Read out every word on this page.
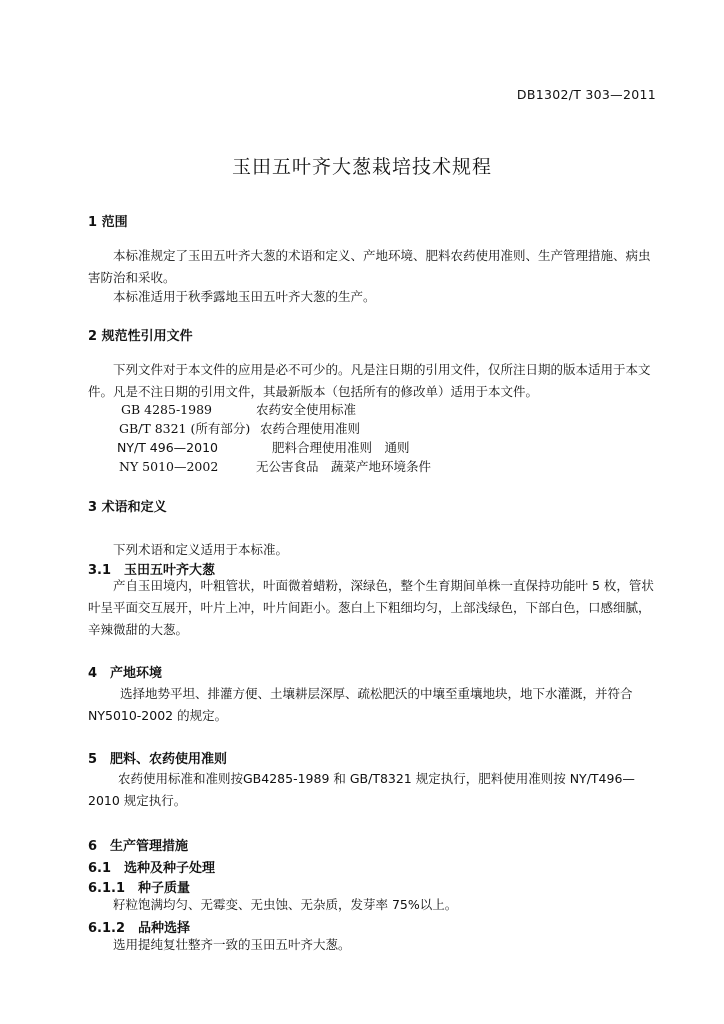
DB1302/T 303—2011
玉田五叶齐大葱栽培技术规程
1 范围
本标准规定了玉田五叶齐大葱的术语和定义、产地环境、肥料农药使用准则、生产管理措施、病虫害防治和采收。
本标准适用于秋季露地玉田五叶齐大葱的生产。
2 规范性引用文件
下列文件对于本文件的应用是必不可少的。凡是注日期的引用文件，仅所注日期的版本适用于本文件。凡是不注日期的引用文件，其最新版本（包括所有的修改单）适用于本文件。
GB 4285-1989	农药安全使用标准
GB/T 8321 (所有部分) 农药合理使用准则
NY/T 496—2010	肥料合理使用准则　通则
NY 5010—2002	无公害食品　蔬菜产地环境条件
3 术语和定义
下列术语和定义适用于本标准。
3.1　玉田五叶齐大葱
产自玉田境内，叶粗管状，叶面微着蜡粉，深绿色，整个生育期间单株一直保持功能叶 5 枚，管状叶呈平面交互展开，叶片上冲，叶片间距小。葱白上下粗细均匀，上部浅绿色，下部白色，口感细腻，辛辣微甜的大葱。
4　产地环境
选择地势平坦、排灌方便、土壤耕层深厚、疏松肥沃的中壤至重壤地块，地下水灌溉，并符合NY5010-2002 的规定。
5　肥料、农药使用准则
农药使用标准和准则按GB4285-1989 和 GB/T8321 规定执行，肥料使用准则按 NY/T496—2010 规定执行。
6　生产管理措施
6.1　选种及种子处理
6.1.1　种子质量
籽粒饱满均匀、无霉变、无虫蚀、无杂质，发芽率 75%以上。
6.1.2　品种选择
选用提纯复壮整齐一致的玉田五叶齐大葱。
